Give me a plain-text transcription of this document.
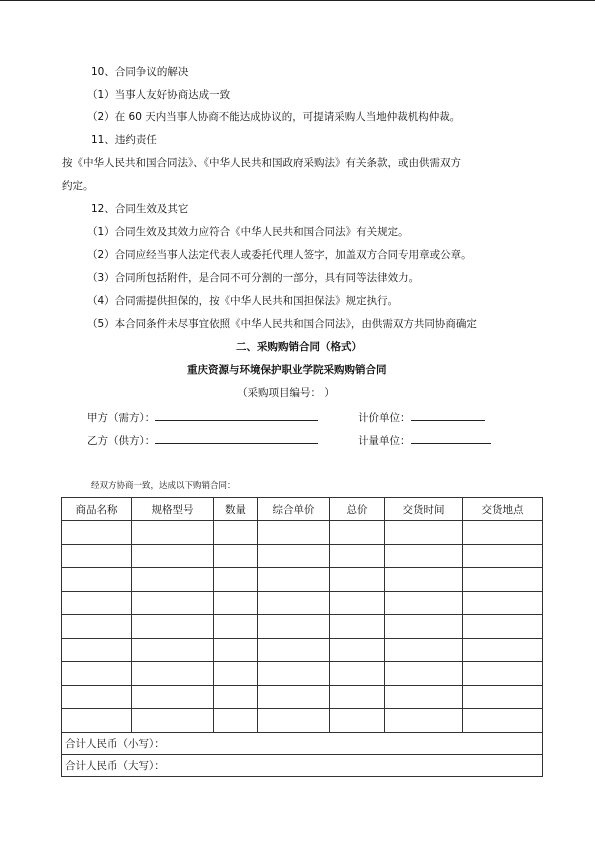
10、合同争议的解决
（1）当事人友好协商达成一致
（2）在 60 天内当事人协商不能达成协议的，可提请采购人当地仲裁机构仲裁。
11、违约责任
按《中华人民共和国合同法》、《中华人民共和国政府采购法》有关条款，或由供需双方
约定。
12、合同生效及其它
（1）合同生效及其效力应符合《中华人民共和国合同法》有关规定。
（2）合同应经当事人法定代表人或委托代理人签字，加盖双方合同专用章或公章。
（3）合同所包括附件，是合同不可分割的一部分，具有同等法律效力。
（4）合同需提供担保的，按《中华人民共和国担保法》规定执行。
（5）本合同条件未尽事宜依照《中华人民共和国合同法》，由供需双方共同协商确定
二、采购购销合同（格式）
重庆资源与环境保护职业学院采购购销合同
（采购项目编号： ）
甲方（需方）：	计价单位：
乙方（供方）：	计量单位：
经双方协商一致，达成以下购销合同：
商品名称	规格型号	数量	综合单价	总价	交货时间	交货地点

合计人民币（小写）：						
合计人民币（大写）：						
